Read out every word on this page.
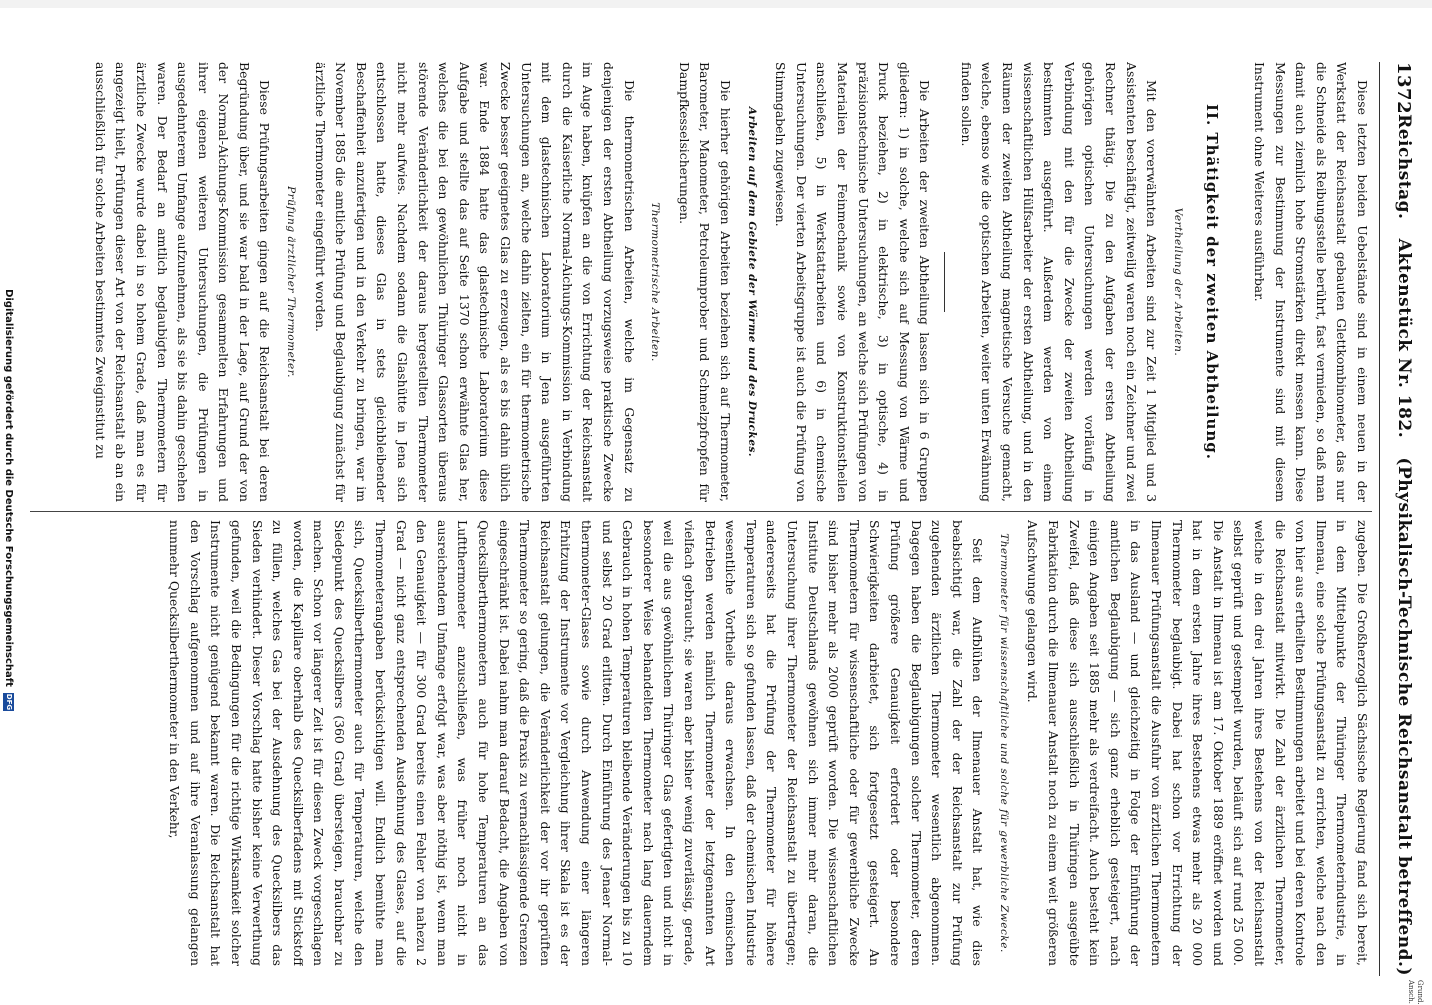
1372
Reichstag.
Aktenstück Nr. 182.
(Physikalisch-Technische Reichsanstalt betreffend.)
Grund. Ansch.

Diese letzten beiden Uebelstände sind in einem neuen in der Werkstatt der Reichsanstalt gebauten Glettkombinometer, das nur die Schneide als Reibungsstelle berührt, fast vermieden, so daß man damit auch ziemlich hohe Stromstärken direkt messen kann. Diese Messungen zur Bestimmung der Instrumente sind mit diesem Instrument ohne Weiteres ausführbar.

II. Thätigkeit der zweiten Abtheilung.
Vertheilung der Arbeiten.

Mit den vorerwähnten Arbeiten sind zur Zeit 1 Mitglied und 3 Assistenten beschäftigt, zeitweilig waren noch ein Zeichner und zwei Rechner thätig. Die zu den Aufgaben der ersten Abtheilung gehörigen optischen Untersuchungen werden vorläufig in Verbindung mit den für die Zwecke der zweiten Abtheilung bestimmten ausgeführt. Außerdem werden von einem wissenschaftlichen Hülfsarbeiter der ersten Abtheilung, und in den Räumen der zweiten Abtheilung magnetische Versuche gemacht, welche, ebenso wie die optischen Arbeiten, weiter unten Erwähnung finden sollen.

Die Arbeiten der zweiten Abtheilung lassen sich in 6 Gruppen gliedern: 1) in solche, welche sich auf Messung von Wärme und Druck beziehen, 2) in elektrische, 3) in optische, 4) in präzisionstechnische Untersuchungen, an welche sich Prüfungen von Materialien der Feinmechanik sowie von Konstruktionstheilen anschließen, 5) in Werkstattarbeiten und 6) in chemische Untersuchungen. Der vierten Arbeitsgruppe ist auch die Prüfung von Stimmgabeln zugewiesen.

Arbeiten auf dem Gebiete der Wärme und des Druckes.

Die hierher gehörigen Arbeiten beziehen sich auf Thermometer, Barometer, Manometer, Petroleumprober und Schmelzpfropfen für Dampfkesselsicherungen.

Thermometrische Arbeiten.

Die thermometrischen Arbeiten, welche im Gegensatz zu denjenigen der ersten Abtheilung vorzugsweise praktische Zwecke im Auge haben, knüpfen an die von Errichtung der Reichsanstalt durch die Kaiserliche Normal-Aichungs-Kommission in Verbindung mit dem glastechnischen Laboratorium in Jena ausgeführten Untersuchungen an, welche dahin zielten, ein für thermometrische Zwecke besser geeignetes Glas zu erzeugen, als es bis dahin üblich war. Ende 1884 hatte das glastechnische Laboratorium diese Aufgabe und stellte das auf Seite 1370 schon erwähnte Glas her, welches die bei den gewöhnlichen Thüringer Glassorten überaus störende Veränderlichkeit der daraus hergestellten Thermometer nicht mehr aufwies. Nachdem sodann die Glashütte in Jena sich entschlossen hatte, dieses Glas in stets gleichbleibender Beschaffenheit anzufertigen und in den Verkehr zu bringen, war im November 1885 die amtliche Prüfung und Beglaubigung zunächst für ärztliche Thermometer eingeführt worden.

Prüfung ärztlicher Thermometer.

Diese Prüfungsarbeiten gingen auf die Reichsanstalt bei deren Begründung über, und sie war bald in der Lage, auf Grund der von der Normal-Aichungs-Kommission gesammelten Erfahrungen und ihrer eigenen weiteren Untersuchungen, die Prüfungen in ausgedehnterem Umfange aufzunehmen, als sie bis dahin geschehen waren. Der Bedarf an amtlich beglaubigten Thermometern für ärztliche Zwecke wurde dabei in so hohem Grade, daß man es für angezeigt hielt, Prüfungen dieser Art von der Reichsanstalt ab an ein ausschließlich für solche Arbeiten bestimmtes Zweiginstitut zu

zugeben. Die Großherzoglich Sächsische Regierung fand sich bereit, in dem Mittelpunkte der Thüringer Thermometerindustrie, in Ilmenau, eine solche Prüfungsanstalt zu errichten, welche nach den von hier aus ertheilten Bestimmungen arbeitet und bei deren Kontrole die Reichsanstalt mitwirkt. Die Zahl der ärztlichen Thermometer, welche in den drei Jahren ihres Bestehens von der Reichsanstalt selbst geprüft und gestempelt wurden, beläuft sich auf rund 25 000. Die Anstalt in Ilmenau ist am 17. Oktober 1889 eröffnet worden und hat in dem ersten Jahre ihres Bestehens etwas mehr als 20 000 Thermometer beglaubigt. Dabei hat schon vor Errichtung der Ilmenauer Prüfungsanstalt die Ausfuhr von ärztlichen Thermometern in das Ausland — und gleichzeitig in Folge der Einführung der amtlichen Beglaubigung — sich ganz erheblich gesteigert, nach einigen Angaben seit 1885 mehr als verdreifacht. Auch besteht kein Zweifel, daß diese sich ausschließlich in Thüringen ausgeübte Fabrikation durch die Ilmenauer Anstalt noch zu einem weit größeren Aufschwunge gelangen wird.

Thermometer für wissenschaftliche und solche für gewerbliche Zwecke.

Seit dem Aufblühen der Ilmenauer Anstalt hat, wie dies beabsichtigt war, die Zahl der der Reichsanstalt zur Prüfung zugehenden ärztlichen Thermometer wesentlich abgenommen. Dagegen haben die Beglaubigungen solcher Thermometer, deren Prüfung größere Genauigkeit erfordert oder besondere Schwierigkeiten darbietet, sich fortgesetzt gesteigert. An Thermometern für wissenschaftliche oder für gewerbliche Zwecke sind bisher mehr als 2000 geprüft worden. Die wissenschaftlichen Institute Deutschlands gewöhnen sich immer mehr daran, die Untersuchung ihrer Thermometer der Reichsanstalt zu übertragen; andererseits hat die Prüfung der Thermometer für höhere Temperaturen sich so gefunden lassen, daß der chemischen Industrie wesentliche Vortheile daraus erwachsen. In den chemischen Betrieben werden nämlich Thermometer der letztgenannten Art vielfach gebraucht; sie waren aber bisher wenig zuverlässig, gerade, weil die aus gewöhnlichem Thüringer Glas gefertigten und nicht in besonderer Weise behandelten Thermometer nach lang dauerndem Gebrauch in hohen Temperaturen bleibende Veränderungen bis zu 10 und selbst 20 Grad erlitten. Durch Einführung des Jenaer Normal-thermometer-Glases sowie durch Anwendung einer längeren Erhitzung der Instrumente vor Vergleichung ihrer Skala ist es der Reichsanstalt gelungen, die Veränderlichkeit der vor ihr geprüften Thermometer so gering, daß die Praxis zu vernachlässigende Grenzen eingeschränkt ist. Dabei nahm man darauf Bedacht, die Angaben von Quecksilberthermometern auch für hohe Temperaturen an das Luftthermometer anzuschließen, was früher noch nicht in ausreichendem Umfange erfolgt war, was aber nöthig ist, wenn man den Genauigkeit — für 300 Grad bereits einen Fehler von nahezu 2 Grad — nicht ganz entsprechenden Ausdehnung des Glases, auf die Thermometerangaben berücksichtigen will. Endlich bemühte man sich, Quecksilberthermometer auch für Temperaturen, welche den Siedepunkt des Quecksilbers (360 Grad) übersteigen, brauchbar zu machen. Schon vor längerer Zeit ist für diesen Zweck vorgeschlagen worden, die Kapillare oberhalb des Quecksilberfadens mit Stickstoff zu füllen, welches Gas bei der Ausdehnung des Quecksilbers das Sieden verhindert. Dieser Vorschlag hatte bisher keine Verwerthung gefunden, weil die Bedingungen für die richtige Wirksamkeit solcher Instrumente nicht genügend bekannt waren. Die Reichsanstalt hat den Vorschlag aufgenommen und auf ihre Veranlassung gelangen nunmehr Quecksilberthermometer in den Verkehr,

Digitalisierung gefördert durch die Deutsche Forschungsgemeinschaft
DFG
